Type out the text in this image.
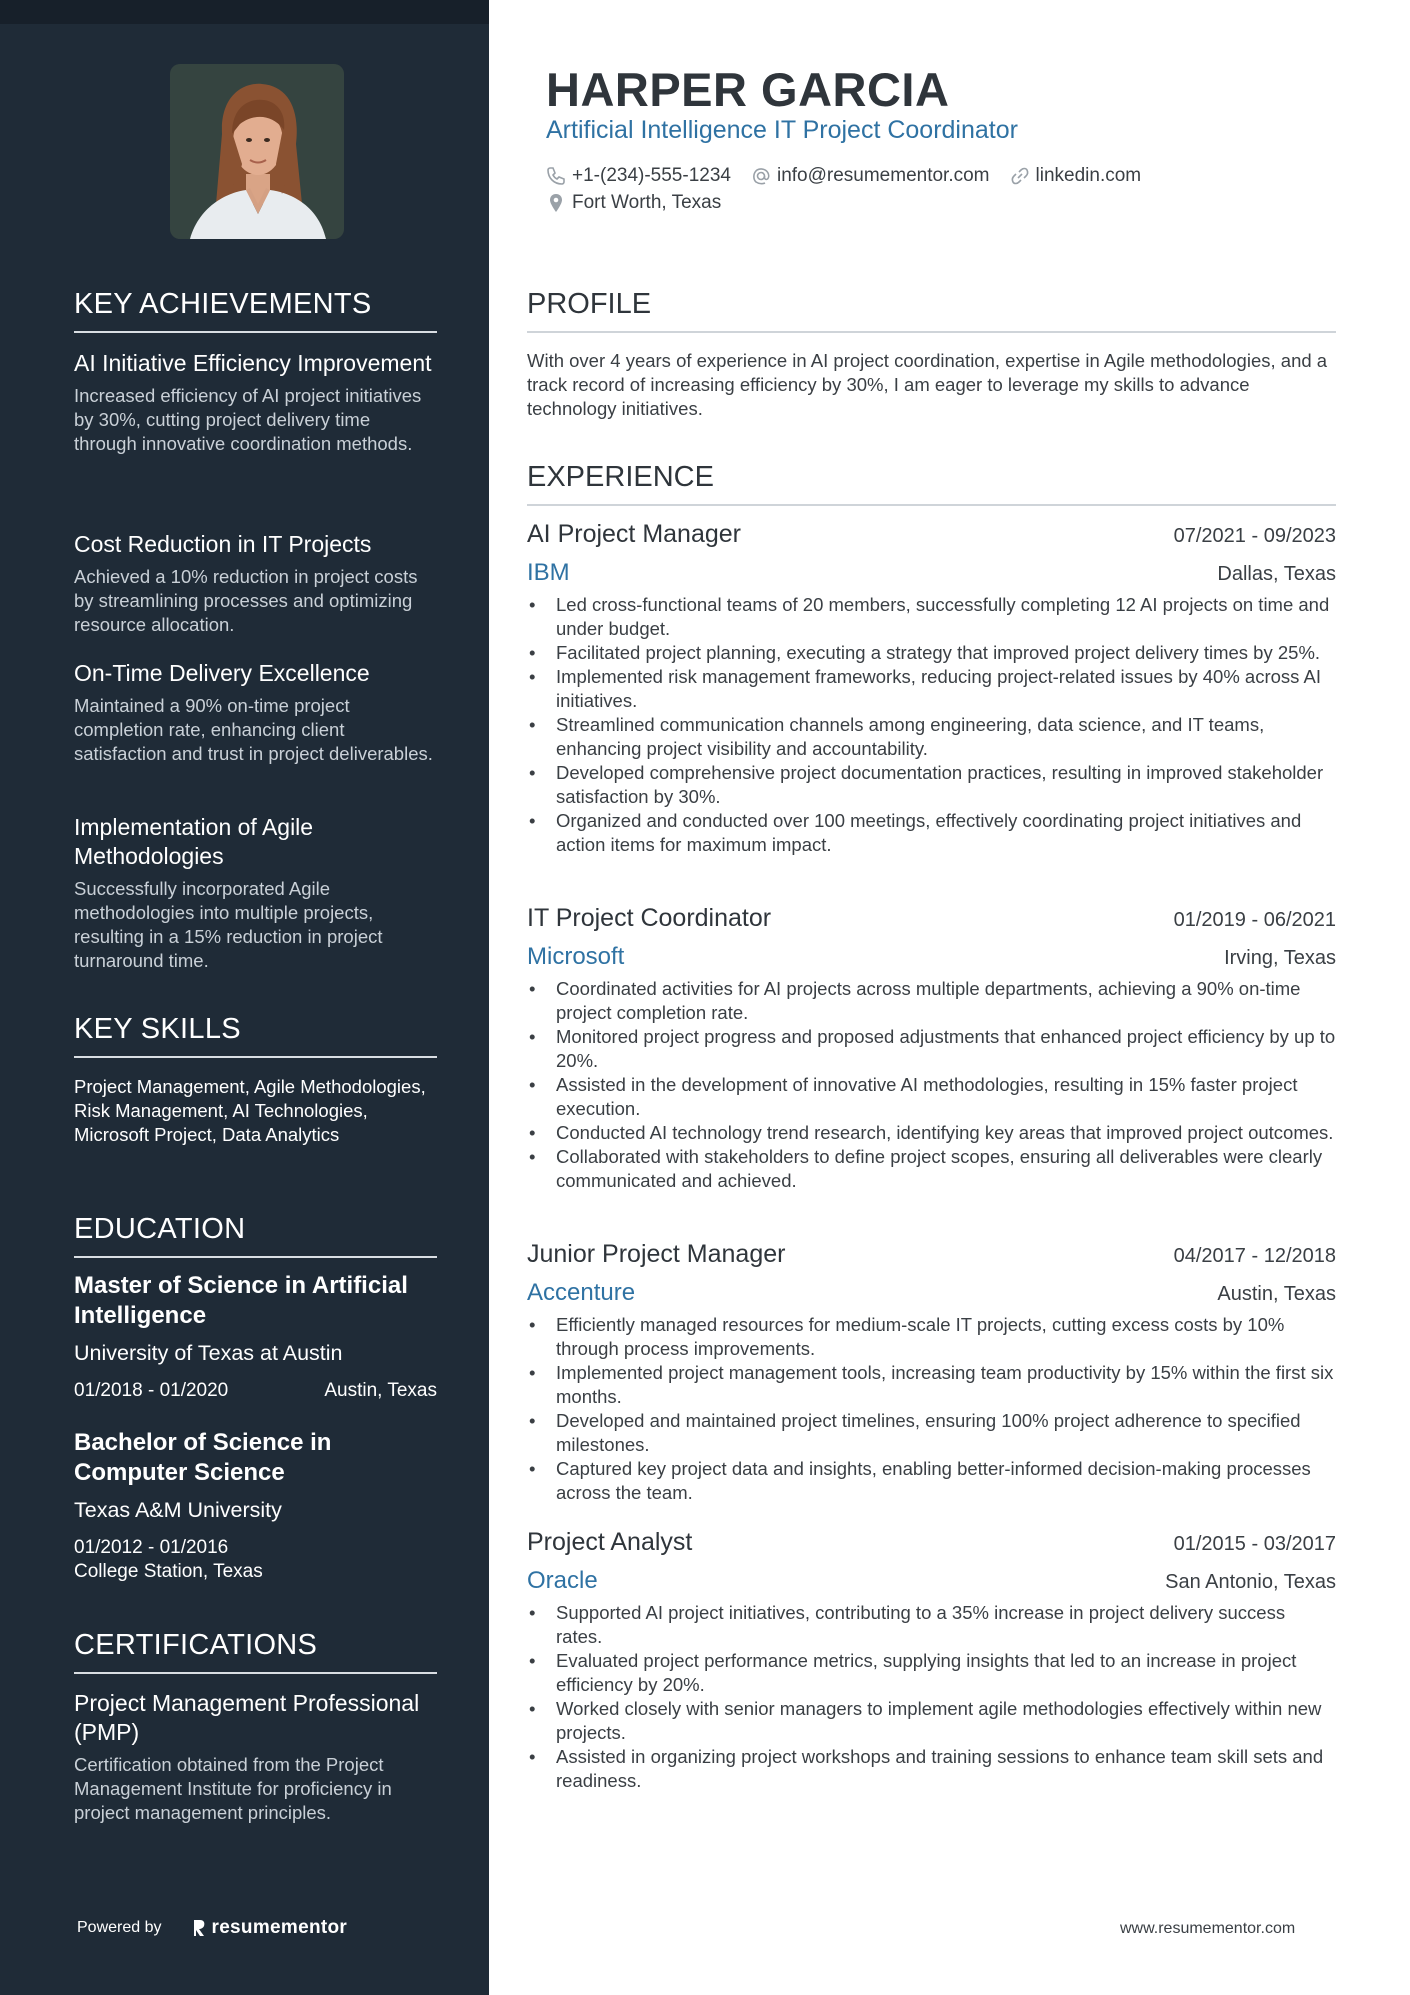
KEY ACHIEVEMENTS

AI Initiative Efficiency Improvement

Increased efficiency of AI project initiatives by 30%, cutting project delivery time through innovative coordination methods.

Cost Reduction in IT Projects

Achieved a 10% reduction in project costs by streamlining processes and optimizing resource allocation.

On-Time Delivery Excellence

Maintained a 90% on-time project completion rate, enhancing client satisfaction and trust in project deliverables.

Implementation of Agile Methodologies

Successfully incorporated Agile methodologies into multiple projects, resulting in a 15% reduction in project turnaround time.

KEY SKILLS
Project Management, Agile Methodologies, Risk Management, AI Technologies, Microsoft Project, Data Analytics
EDUCATION
Master of Science in Artificial Intelligence
University of Texas at Austin
01/2018 - 01/2020	Austin, Texas
Bachelor of Science in Computer Science
Texas A&M University
01/2012 - 01/2016
College Station, Texas
CERTIFICATIONS

Project Management Professional (PMP)

Certification obtained from the Project Management Institute for proficiency in project management principles.

Powered by	resumementor
HARPER GARCIA
Artificial Intelligence IT Project Coordinator
+1-(234)-555-1234 info@resumementor.com linkedin.com
Fort Worth, Texas
PROFILE
With over 4 years of experience in AI project coordination, expertise in Agile methodologies, and a track record of increasing efficiency by 30%, I am eager to leverage my skills to advance technology initiatives.
EXPERIENCE
AI Project Manager	07/2021 - 09/2023
IBM	Dallas, Texas
• Led cross-functional teams of 20 members, successfully completing 12 AI projects on time and under budget.
• Facilitated project planning, executing a strategy that improved project delivery times by 25%.
• Implemented risk management frameworks, reducing project-related issues by 40% across AI initiatives.
• Streamlined communication channels among engineering, data science, and IT teams, enhancing project visibility and accountability.
• Developed comprehensive project documentation practices, resulting in improved stakeholder satisfaction by 30%.
• Organized and conducted over 100 meetings, effectively coordinating project initiatives and action items for maximum impact.
IT Project Coordinator	01/2019 - 06/2021
Microsoft	Irving, Texas
• Coordinated activities for AI projects across multiple departments, achieving a 90% on-time project completion rate.
• Monitored project progress and proposed adjustments that enhanced project efficiency by up to 20%.
• Assisted in the development of innovative AI methodologies, resulting in 15% faster project execution.
• Conducted AI technology trend research, identifying key areas that improved project outcomes.
• Collaborated with stakeholders to define project scopes, ensuring all deliverables were clearly communicated and achieved.
Junior Project Manager	04/2017 - 12/2018
Accenture	Austin, Texas
• Efficiently managed resources for medium-scale IT projects, cutting excess costs by 10% through process improvements.
• Implemented project management tools, increasing team productivity by 15% within the first six months.
• Developed and maintained project timelines, ensuring 100% project adherence to specified milestones.
• Captured key project data and insights, enabling better-informed decision-making processes across the team.
Project Analyst	01/2015 - 03/2017
Oracle	San Antonio, Texas
• Supported AI project initiatives, contributing to a 35% increase in project delivery success rates.
• Evaluated project performance metrics, supplying insights that led to an increase in project efficiency by 20%.
• Worked closely with senior managers to implement agile methodologies effectively within new projects.
• Assisted in organizing project workshops and training sessions to enhance team skill sets and readiness.
www.resumementor.com
